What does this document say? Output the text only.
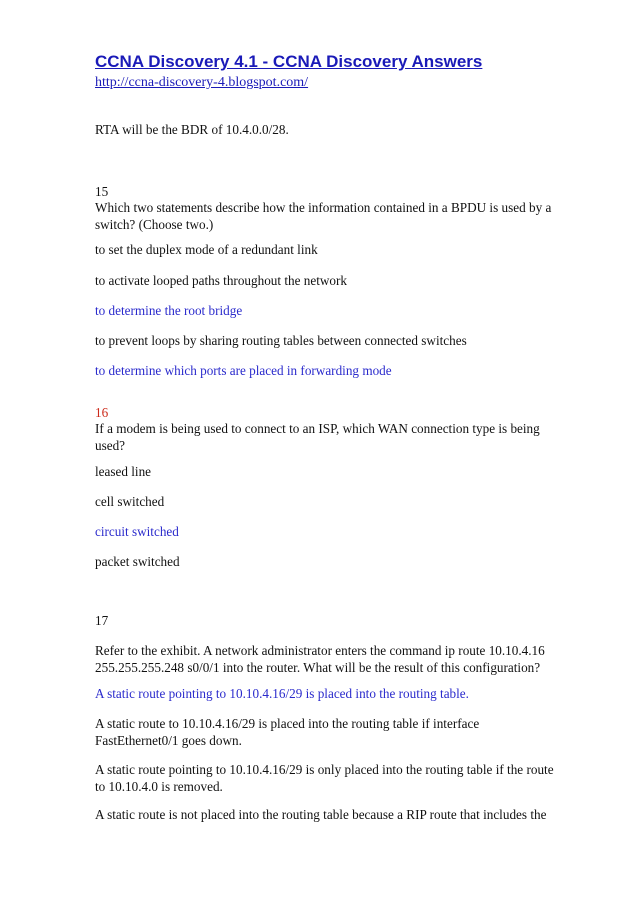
CCNA Discovery 4.1 - CCNA Discovery Answers
http://ccna-discovery-4.blogspot.com/
RTA will be the BDR of 10.4.0.0/28.
15
Which two statements describe how the information contained in a BPDU is used by a switch? (Choose two.)
to set the duplex mode of a redundant link
to activate looped paths throughout the network
to determine the root bridge
to prevent loops by sharing routing tables between connected switches
to determine which ports are placed in forwarding mode
16
If a modem is being used to connect to an ISP, which WAN connection type is being used?
leased line
cell switched
circuit switched
packet switched
17
Refer to the exhibit. A network administrator enters the command ip route 10.10.4.16 255.255.255.248 s0/0/1 into the router. What will be the result of this configuration?
A static route pointing to 10.10.4.16/29 is placed into the routing table.
A static route to 10.10.4.16/29 is placed into the routing table if interface FastEthernet0/1 goes down.
A static route pointing to 10.10.4.16/29 is only placed into the routing table if the route to 10.10.4.0 is removed.
A static route is not placed into the routing table because a RIP route that includes the
